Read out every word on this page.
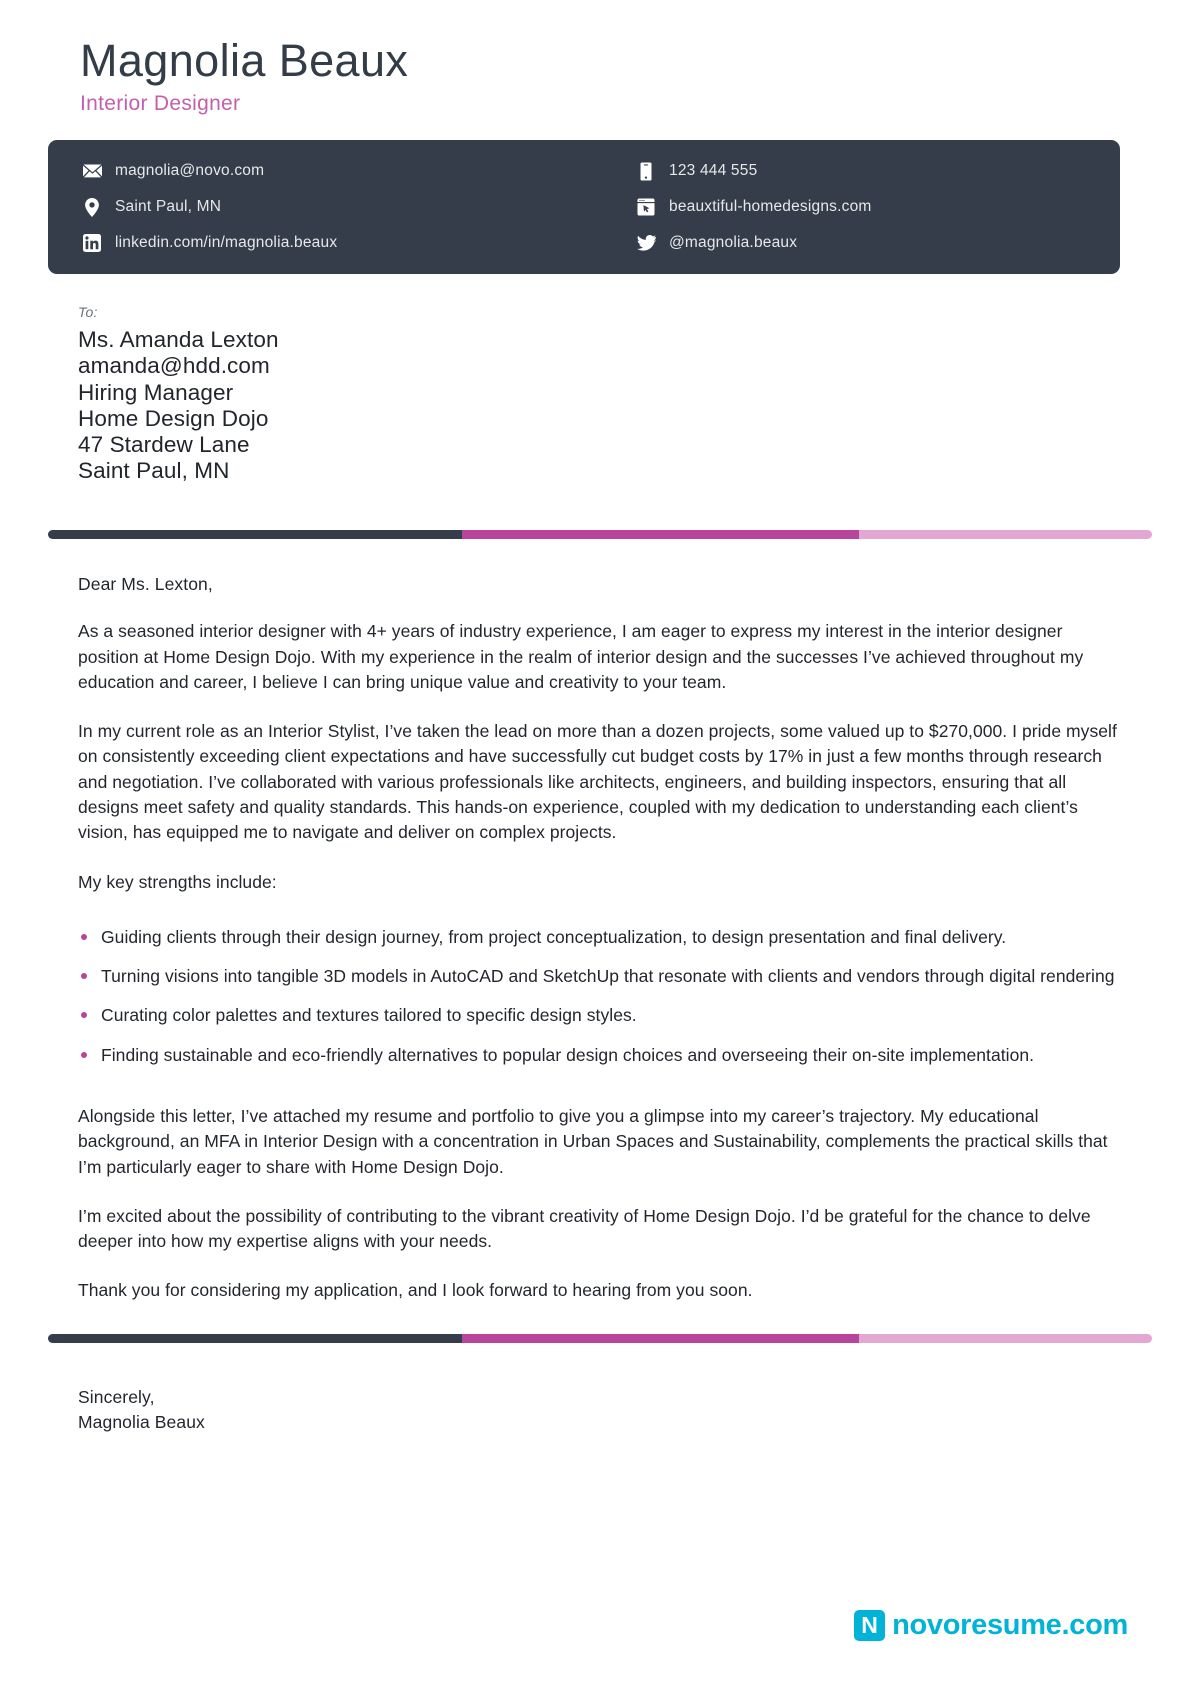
Magnolia Beaux
Interior Designer
magnolia@novo.com
Saint Paul, MN
linkedin.com/in/magnolia.beaux
123 444 555
beauxtiful-homedesigns.com
@magnolia.beaux
To:
Ms. Amanda Lexton
amanda@hdd.com
Hiring Manager
Home Design Dojo
47 Stardew Lane
Saint Paul, MN
Dear Ms. Lexton,

As a seasoned interior designer with 4+ years of industry experience, I am eager to express my interest in the interior designer position at Home Design Dojo. With my experience in the realm of interior design and the successes I’ve achieved throughout my education and career, I believe I can bring unique value and creativity to your team.

In my current role as an Interior Stylist, I’ve taken the lead on more than a dozen projects, some valued up to $270,000. I pride myself on consistently exceeding client expectations and have successfully cut budget costs by 17% in just a few months through research and negotiation. I’ve collaborated with various professionals like architects, engineers, and building inspectors, ensuring that all designs meet safety and quality standards. This hands-on experience, coupled with my dedication to understanding each client’s vision, has equipped me to navigate and deliver on complex projects.

My key strengths include:

Guiding clients through their design journey, from project conceptualization, to design presentation and final delivery.
Turning visions into tangible 3D models in AutoCAD and SketchUp that resonate with clients and vendors through digital rendering
Curating color palettes and textures tailored to specific design styles.
Finding sustainable and eco-friendly alternatives to popular design choices and overseeing their on-site implementation.

Alongside this letter, I’ve attached my resume and portfolio to give you a glimpse into my career’s trajectory. My educational background, an MFA in Interior Design with a concentration in Urban Spaces and Sustainability, complements the practical skills that I’m particularly eager to share with Home Design Dojo.

I’m excited about the possibility of contributing to the vibrant creativity of Home Design Dojo. I’d be grateful for the chance to delve deeper into how my expertise aligns with your needs.

Thank you for considering my application, and I look forward to hearing from you soon.

Sincerely,
Magnolia Beaux
N novoresume.com
